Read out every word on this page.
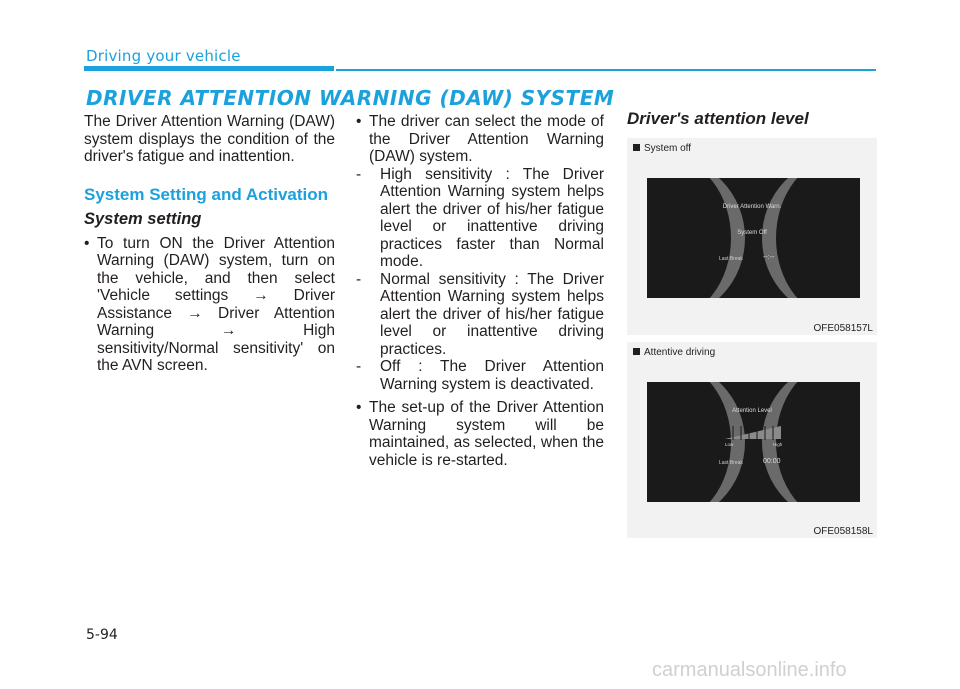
Driving your vehicle
DRIVER ATTENTION WARNING (DAW) SYSTEM

The Driver Attention Warning (DAW) system displays the condition of the driver's fatigue and inattention.

System Setting and Activation
System setting

• To turn ON the Driver Attention Warning (DAW) system, turn on the vehicle, and then select 'Vehicle settings → Driver Assistance → Driver Attention Warning → High sensitivity/Normal sensitivity' on the AVN screen.

• The driver can select the mode of the Driver Attention Warning (DAW) system.

- High sensitivity : The Driver Attention Warning system helps alert the driver of his/her fatigue level or inattentive driving practices faster than Normal mode.

- Normal sensitivity : The Driver Attention Warning system helps alert the driver of his/her fatigue level or inattentive driving practices.

- Off : The Driver Attention Warning system is deactivated.

• The set-up of the Driver Attention Warning system will be maintained, as selected, when the vehicle is re-started.

Driver's attention level
System off
Driver Attention Warn.
System Off
Last Break	--:--
OFE058157L
Attentive driving
Attention Level
Low	High
Last Break	00:00
OFE058158L
5-94
carmanualsonline.info
